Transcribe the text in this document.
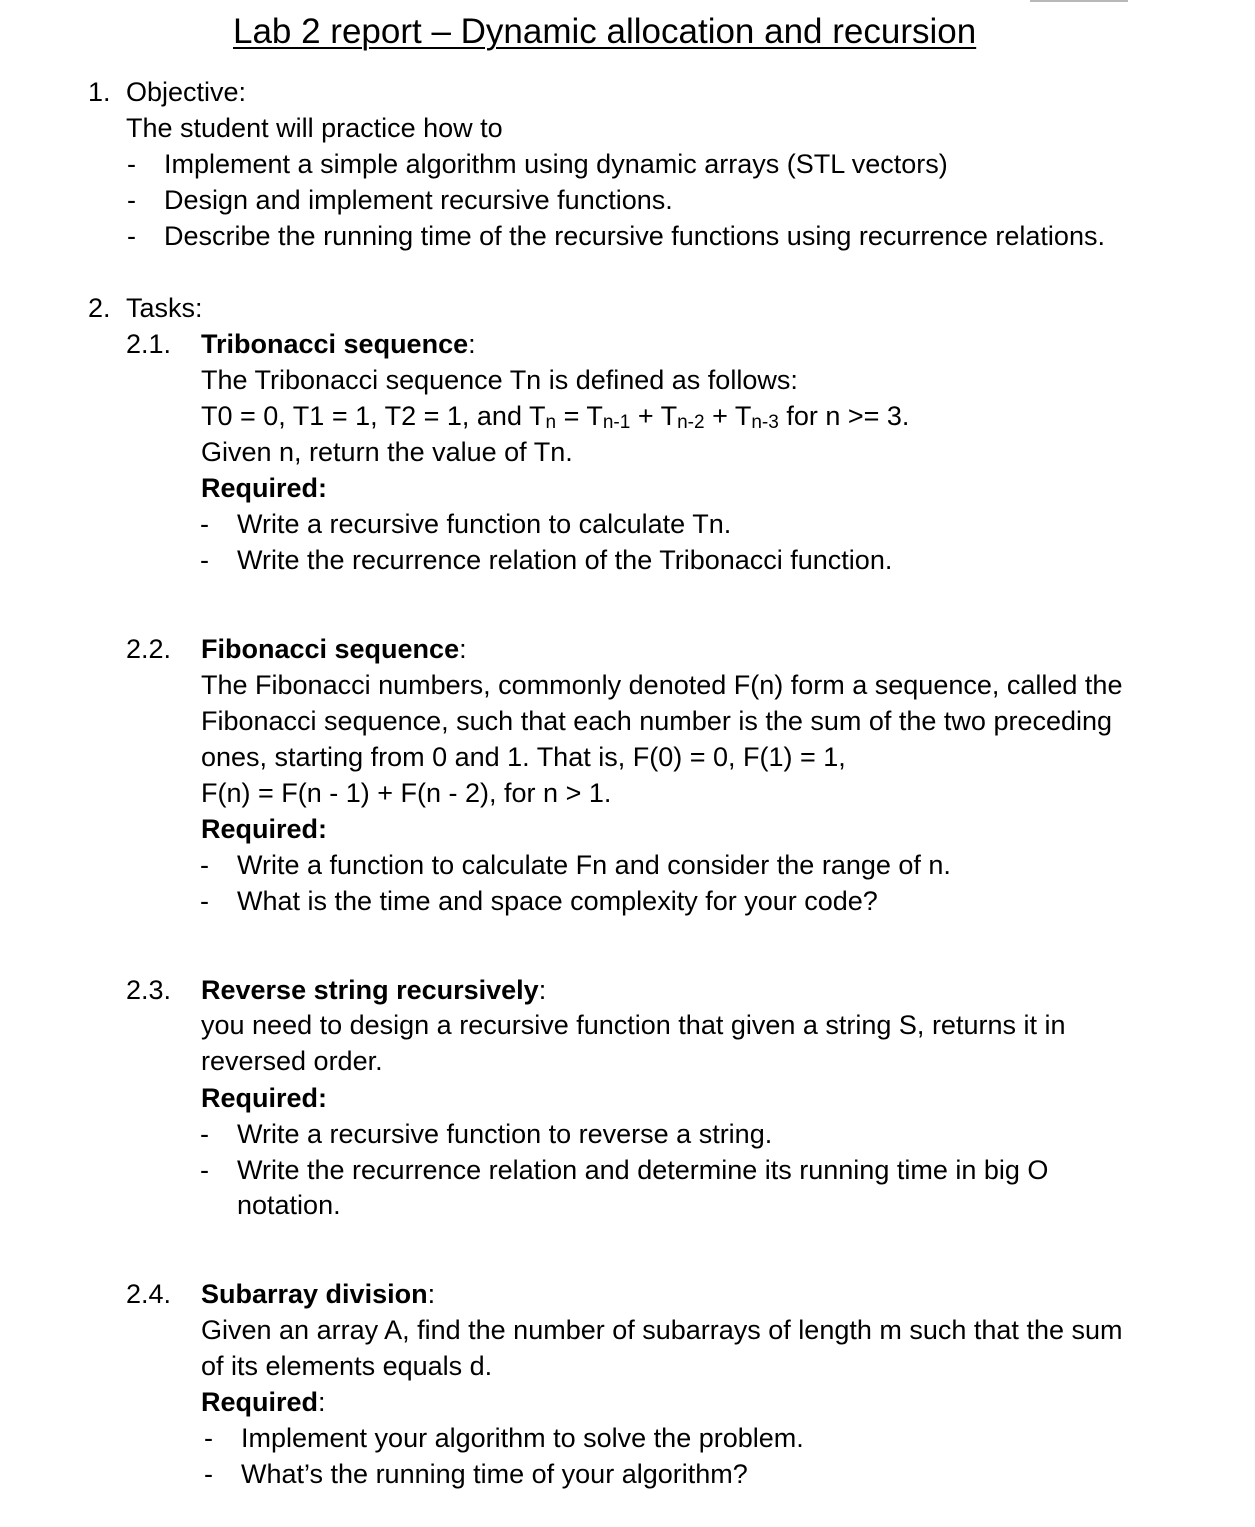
Lab 2 report – Dynamic allocation and recursion
1. Objective:
The student will practice how to
- Implement a simple algorithm using dynamic arrays (STL vectors)
- Design and implement recursive functions.
- Describe the running time of the recursive functions using recurrence relations.
2. Tasks:
2.1. Tribonacci sequence:
The Tribonacci sequence Tn is defined as follows:
T0 = 0, T1 = 1, T2 = 1, and $T_n = T_{n-1} + T_{n-2} + T_{n-3}$ for n >= 3.
Given n, return the value of Tn.
Required:
- Write a recursive function to calculate Tn.
- Write the recurrence relation of the Tribonacci function.
2.2. Fibonacci sequence:
The Fibonacci numbers, commonly denoted F(n) form a sequence, called the
Fibonacci sequence, such that each number is the sum of the two preceding
ones, starting from 0 and 1. That is, F(0) = 0, F(1) = 1,
F(n) = F(n - 1) + F(n - 2), for n > 1.
Required:
- Write a function to calculate Fn and consider the range of n.
- What is the time and space complexity for your code?
2.3. Reverse string recursively:
you need to design a recursive function that given a string S, returns it in
reversed order.
Required:
- Write a recursive function to reverse a string.
- Write the recurrence relation and determine its running time in big O
notation.
2.4. Subarray division:
Given an array A, find the number of subarrays of length m such that the sum
of its elements equals d.
Required:
- Implement your algorithm to solve the problem.
- What’s the running time of your algorithm?
